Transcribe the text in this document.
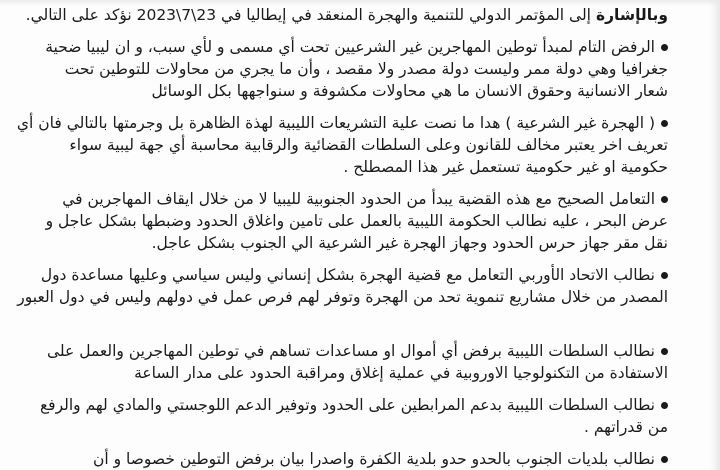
وبالإشارة إلى المؤتمر الدولي للتنمية والهجرة المنعقد في إيطاليا في 23\7\2023 نؤكد على التالي.
الرفض التام لمبدأ توطين المهاجرين غير الشرعيين تحت أي مسمى و لأي سبب، و ان ليبيا ضحية
جغرافيا وهي دولة ممر وليست دولة مصدر ولا مقصد ، وأن ما يجري من محاولات للتوطين تحت
شعار الانسانية وحقوق الانسان ما هي محاولات مكشوفة و سنواجهها بكل الوسائل
( الهجرة غير الشرعية ) هدا ما نصت علية التشريعات الليبية لهذة الظاهرة بل وجرمتها بالتالي فان أي
تعريف اخر يعتبر مخالف للقانون وعلى السلطات القضائية والرقابية محاسبة أي جهة ليبية سواء
حكومية او غير حكومية تستعمل غير هذا المصطلح .
التعامل الصحيح مع هذه القضية يبدأ من الحدود الجنوبية لليبيا لا من خلال ايقاف المهاجرين في
عرض البحر ، عليه نطالب الحكومة الليبية بالعمل على تامين واغلاق الحدود وضبطها بشكل عاجل و
نقل مقر جهاز حرس الحدود وجهاز الهجرة غير الشرعية الي الجنوب بشكل عاجل.
نطالب الاتحاد الأوربي التعامل مع قضية الهجرة بشكل إنساني وليس سياسي وعليها مساعدة دول
المصدر من خلال مشاريع تنموية تحد من الهجرة وتوفر لهم فرص عمل في دولهم وليس في دول العبور
نطالب السلطات الليبية برفض أي أموال او مساعدات تساهم في توطين المهاجرين والعمل على
الاستفادة من التكنولوجيا الاوروبية في عملية إغلاق ومراقبة الحدود على مدار الساعة
نطالب السلطات الليبية بدعم المرابطين على الحدود وتوفير الدعم اللوجستي والمادي لهم والرفع
من قدراتهم .
نطالب بلديات الجنوب بالحدو حدو بلدية الكفرة واصدرا بيان برفض التوطين خصوصا و أن
